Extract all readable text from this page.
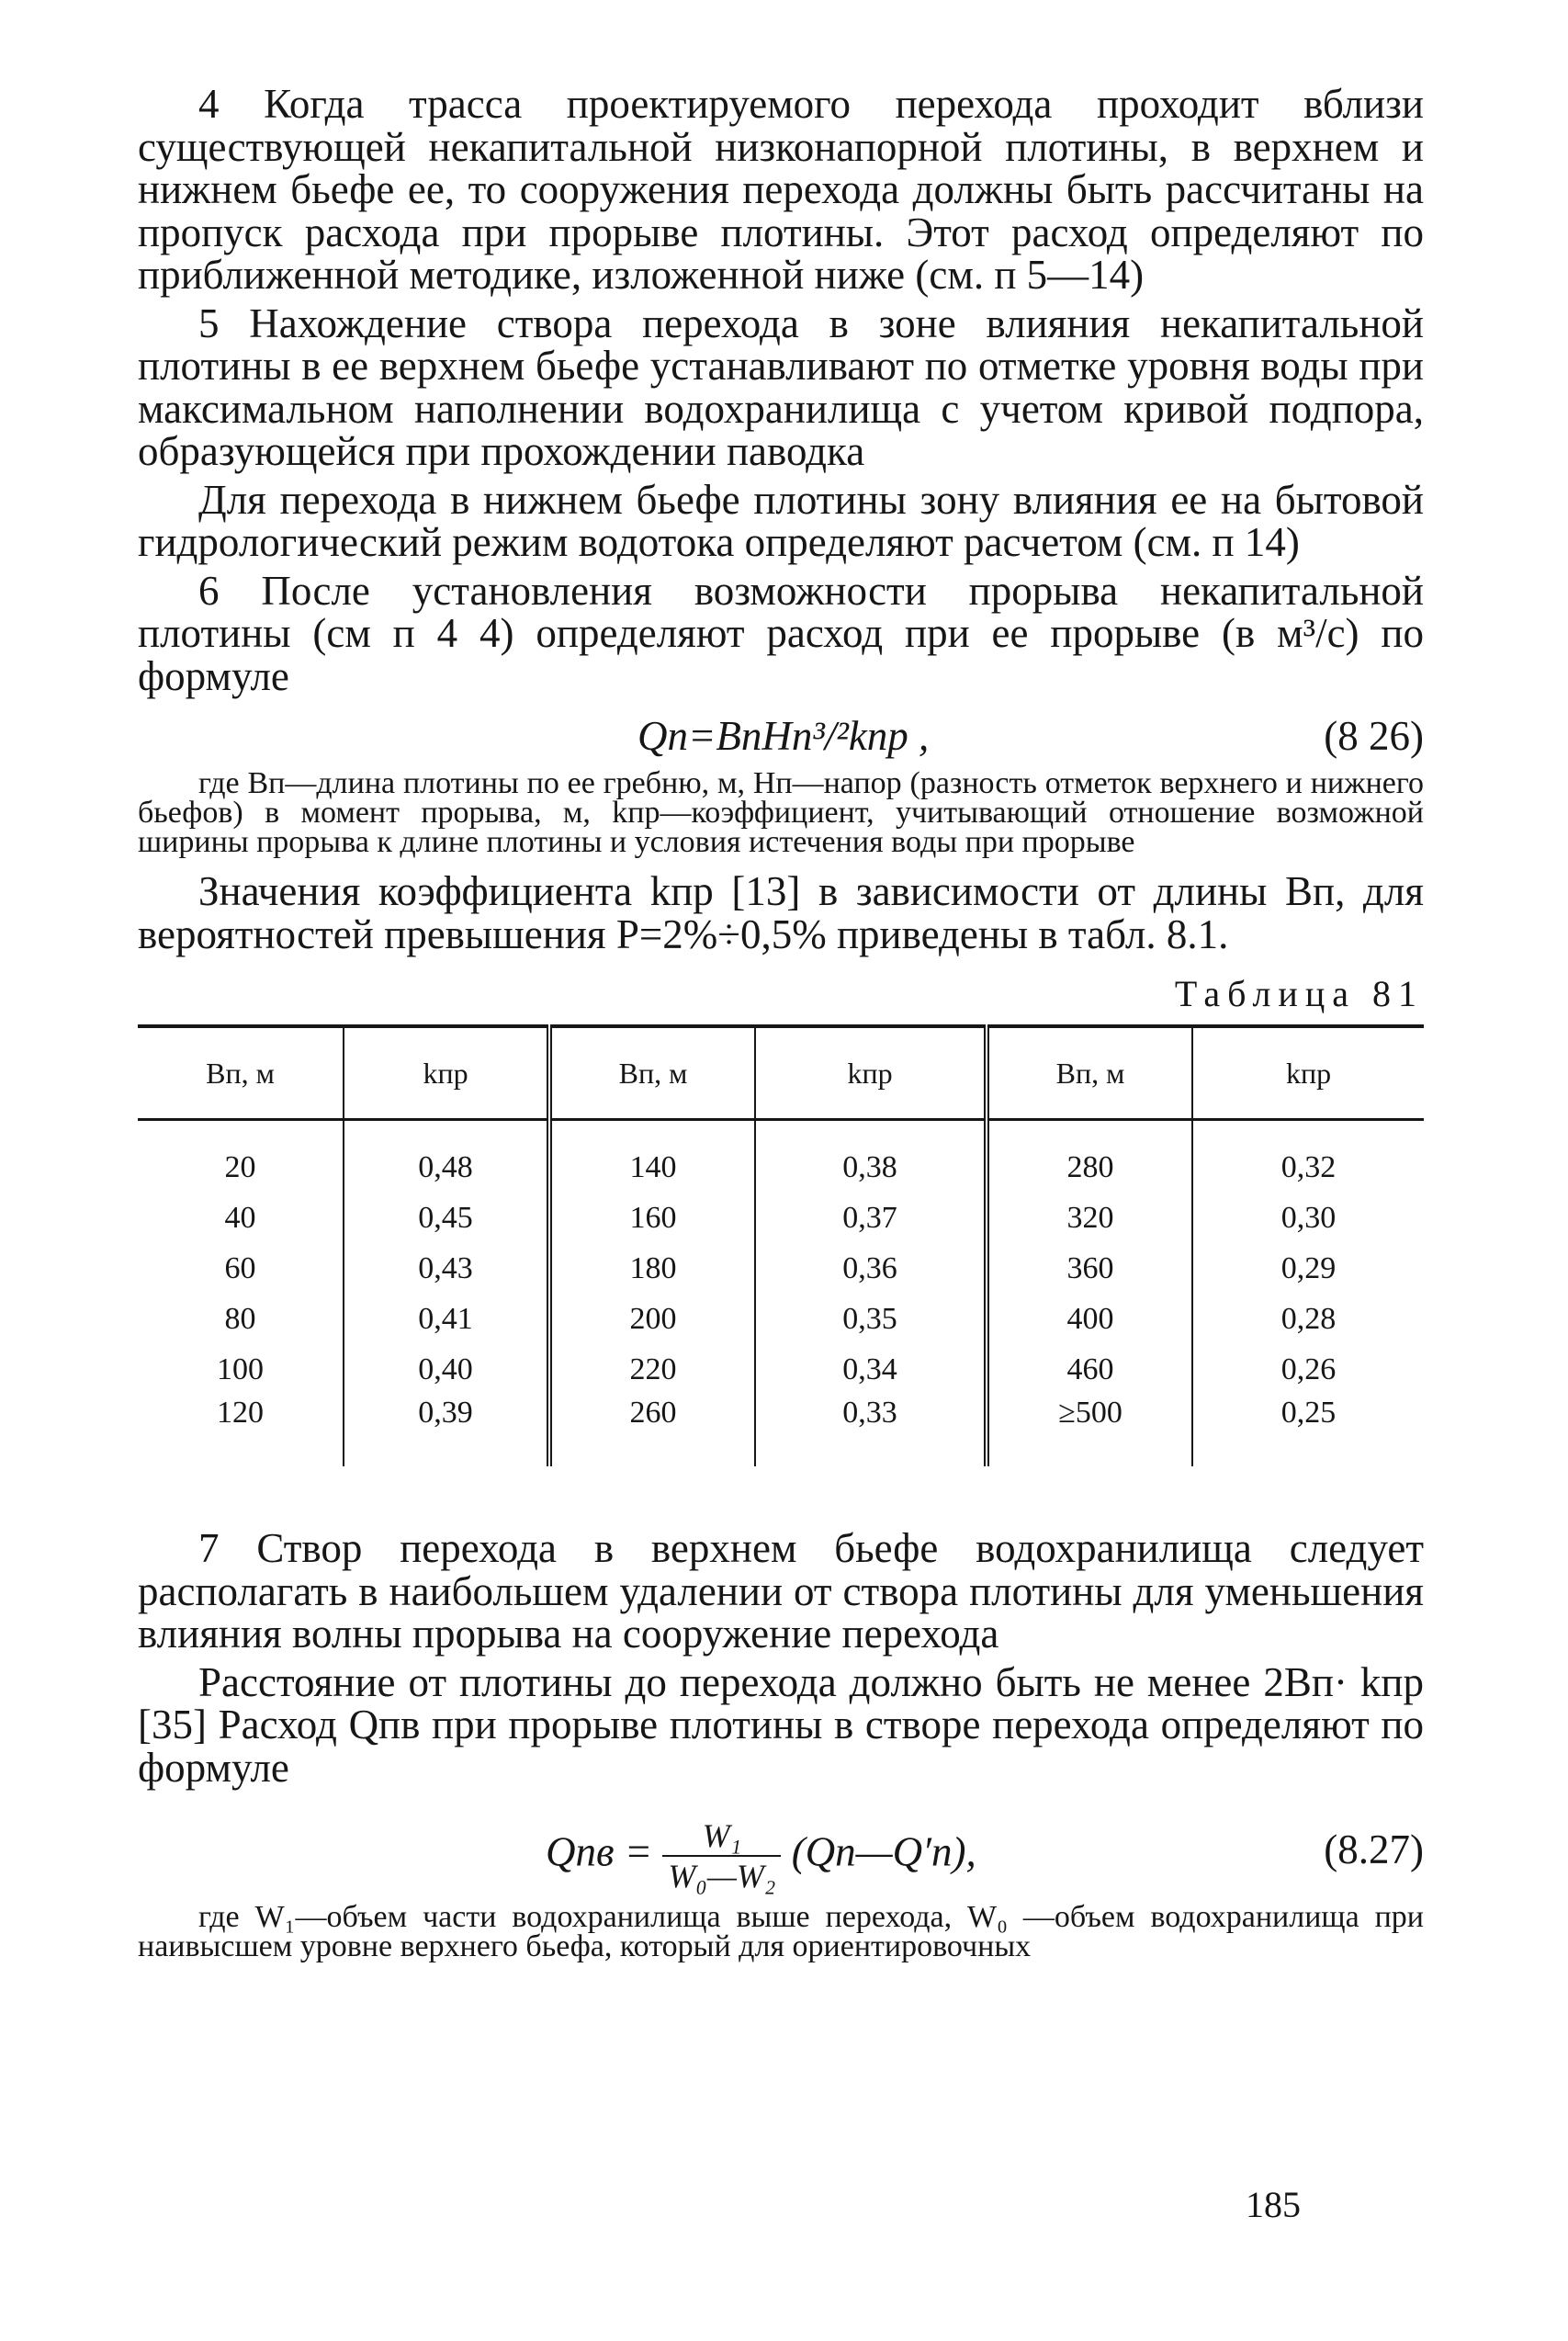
4 Когда трасса проектируемого перехода проходит вблизи существующей некапитальной низконапорной плотины, в верхнем и нижнем бьефе ее, то сооружения перехода должны быть рассчитаны на пропуск расхода при прорыве плотины. Этот расход определяют по приближенной методике, изложенной ниже (см. п 5—14)

5 Нахождение створа перехода в зоне влияния некапитальной плотины в ее верхнем бьефе устанавливают по отметке уровня воды при максимальном наполнении водохранилища с учетом кривой подпора, образующейся при прохождении паводка

Для перехода в нижнем бьефе плотины зону влияния ее на бытовой гидрологический режим водотока определяют расчетом (см. п 14)

6 После установления возможности прорыва некапитальной плотины (см п 4 4) определяют расход при ее прорыве (в м³/с) по формуле

Qп=BпHп³/²kпр ,	(8 26)

где Bп—длина плотины по ее гребню, м, Hп—напор (разность отметок верхнего и нижнего бьефов) в момент прорыва, м, kпр—коэффициент, учитывающий отношение возможной ширины прорыва к длине плотины и условия истечения воды при прорыве

Значения коэффициента kпр [13] в зависимости от длины Bп, для вероятностей превышения P=2%÷0,5% приведены в табл. 8.1.

Таблица 81
Bп, м	kпр	Bп, м	kпр	Bп, м	kпр
20	0,48	140	0,38	280	0,32
40	0,45	160	0,37	320	0,30
60	0,43	180	0,36	360	0,29
80	0,41	200	0,35	400	0,28
100	0,40	220	0,34	460	0,26
120	0,39	260	0,33	≥500	0,25

7 Створ перехода в верхнем бьефе водохранилища следует располагать в наибольшем удалении от створа плотины для уменьшения влияния волны прорыва на сооружение перехода

Расстояние от плотины до перехода должно быть не менее 2Bп· kпр [35] Расход Qпв при прорыве плотины в створе перехода определяют по формуле

Qпв = $\frac{\text{W₁}}{\text{W₀—W₂}}$ (Qп—Q′п),	(8.27)

где W₁—объем части водохранилища выше перехода, W₀ —объем водохранилища при наивысшем уровне верхнего бьефа, который для ориентировочных

185
